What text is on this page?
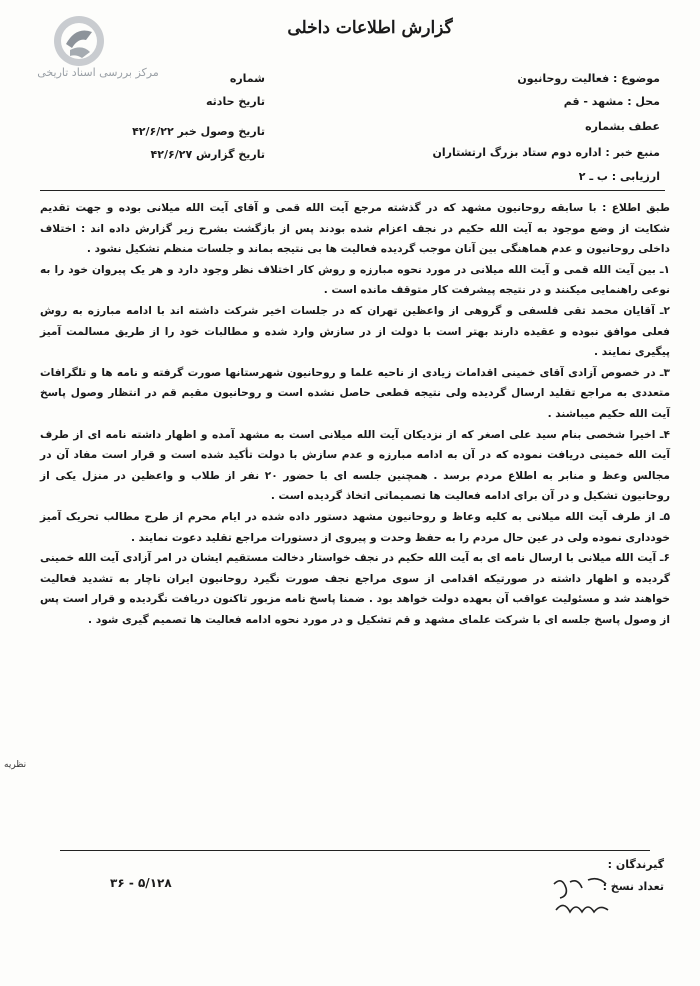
مرکز بررسی اسناد تاریخی
گزارش اطلاعات داخلی
موضوع : فعالیت روحانیون
محل : مشهد - قم
عطف بشماره
منبع خبر : اداره دوم ستاد بزرگ ارتشتاران
ارزیابی : ب ـ ۲
شماره
تاریخ حادثه
تاریخ وصول خبر ۴۲/۶/۲۲
تاریخ گزارش ۴۲/۶/۲۷

طبق اطلاع : با سابقه روحانیون مشهد که در گذشته مرجع آیت الله قمی و آقای آیت الله میلانی بوده و جهت تقدیم شکایت از وضع موجود به آیت الله حکیم در نجف اعزام شده بودند پس از بازگشت بشرح زیر گزارش داده اند : اختلاف داخلی روحانیون و عدم هماهنگی بین آنان موجب گردیده فعالیت ها بی نتیجه بماند و جلسات منظم تشکیل نشود .

۱ـ بین آیت الله قمی و آیت الله میلانی در مورد نحوه مبارزه و روش کار اختلاف نظر وجود دارد و هر یک پیروان خود را به نوعی راهنمایی میکنند و در نتیجه پیشرفت کار متوقف مانده است .

۲ـ آقایان محمد تقی فلسفی و گروهی از واعظین تهران که در جلسات اخیر شرکت داشته اند با ادامه مبارزه به روش فعلی موافق نبوده و عقیده دارند بهتر است با دولت از در سازش وارد شده و مطالبات خود را از طریق مسالمت آمیز پیگیری نمایند .

۳ـ در خصوص آزادی آقای خمینی اقدامات زیادی از ناحیه علما و روحانیون شهرستانها صورت گرفته و نامه ها و تلگرافات متعددی به مراجع تقلید ارسال گردیده ولی نتیجه قطعی حاصل نشده است و روحانیون مقیم قم در انتظار وصول پاسخ آیت الله حکیم میباشند .

۴ـ اخیرا شخصی بنام سید علی اصغر که از نزدیکان آیت الله میلانی است به مشهد آمده و اظهار داشته نامه ای از طرف آیت الله خمینی دریافت نموده که در آن به ادامه مبارزه و عدم سازش با دولت تأکید شده است و قرار است مفاد آن در مجالس وعظ و منابر به اطلاع مردم برسد . همچنین جلسه ای با حضور ۲۰ نفر از طلاب و واعظین در منزل یکی از روحانیون تشکیل و در آن برای ادامه فعالیت ها تصمیماتی اتخاذ گردیده است .

۵ـ از طرف آیت الله میلانی به کلیه وعاظ و روحانیون مشهد دستور داده شده در ایام محرم از طرح مطالب تحریک آمیز خودداری نموده ولی در عین حال مردم را به حفظ وحدت و پیروی از دستورات مراجع تقلید دعوت نمایند .

۶ـ آیت الله میلانی با ارسال نامه ای به آیت الله حکیم در نجف خواستار دخالت مستقیم ایشان در امر آزادی آیت الله خمینی گردیده و اظهار داشته در صورتیکه اقدامی از سوی مراجع نجف صورت نگیرد روحانیون ایران ناچار به تشدید فعالیت خواهند شد و مسئولیت عواقب آن بعهده دولت خواهد بود . ضمنا پاسخ نامه مزبور تاکنون دریافت نگردیده و قرار است پس از وصول پاسخ جلسه ای با شرکت علمای مشهد و قم تشکیل و در مورد نحوه ادامه فعالیت ها تصمیم گیری شود .

نظریه
گیرندگان :
تعداد نسخ :
۳۶ - ۵/۱۲۸
